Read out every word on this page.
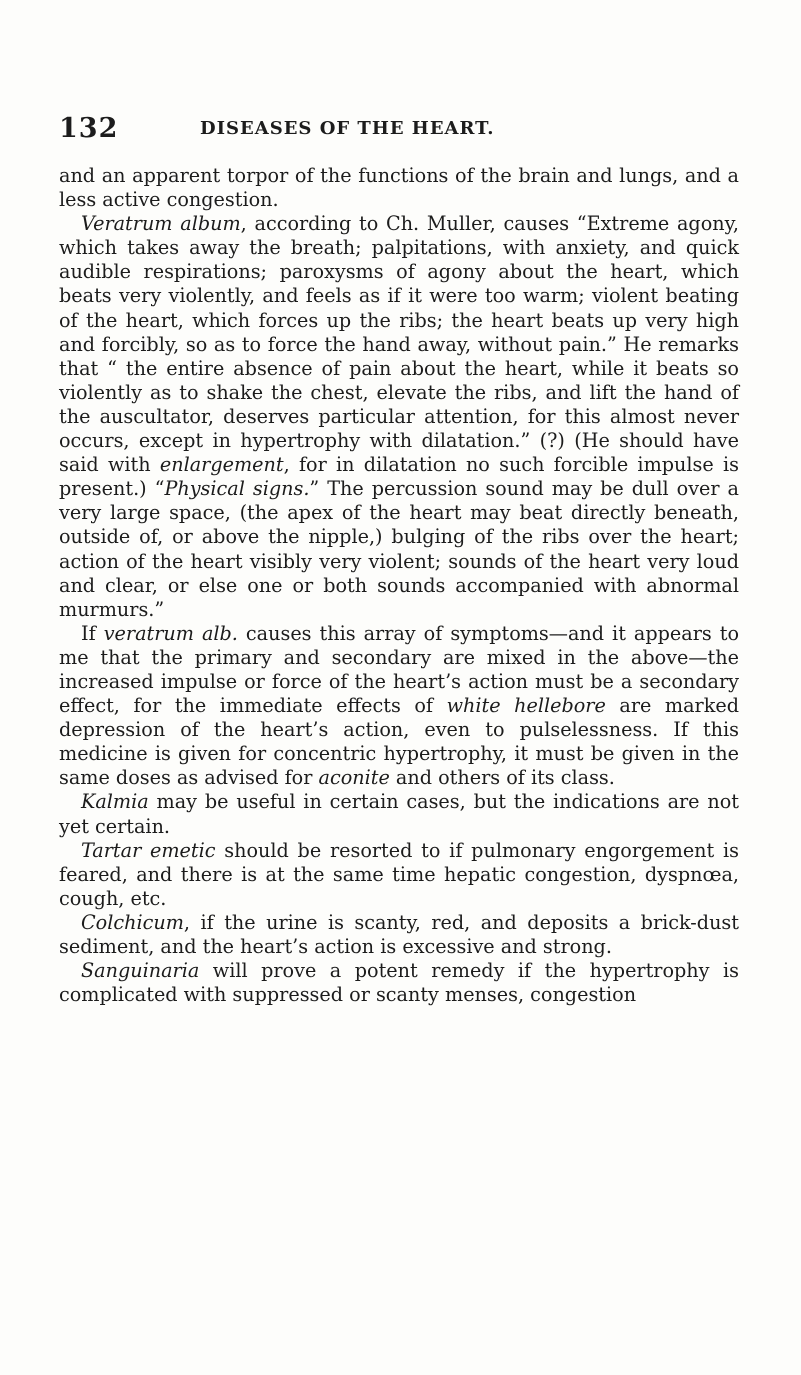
132	DISEASES OF THE HEART.

and an apparent torpor of the functions of the brain and lungs, and a less active congestion.

Veratrum album, according to Ch. Muller, causes “Extreme agony, which takes away the breath; palpitations, with anxiety, and quick audible respirations; paroxysms of agony about the heart, which beats very violently, and feels as if it were too warm; violent beating of the heart, which forces up the ribs; the heart beats up very high and forcibly, so as to force the hand away, without pain.” He remarks that “ the entire absence of pain about the heart, while it beats so violently as to shake the chest, elevate the ribs, and lift the hand of the auscultator, deserves particular attention, for this almost never occurs, except in hypertrophy with dilatation.” (?) (He should have said with enlargement, for in dilatation no such forcible impulse is present.) “Physical signs.” The percussion sound may be dull over a very large space, (the apex of the heart may beat directly beneath, outside of, or above the nipple,) bulging of the ribs over the heart; action of the heart visibly very violent; sounds of the heart very loud and clear, or else one or both sounds accompanied with abnormal murmurs.”

If veratrum alb. causes this array of symptoms—and it appears to me that the primary and secondary are mixed in the above—the increased impulse or force of the heart’s action must be a secondary effect, for the immediate effects of white hellebore are marked depression of the heart’s action, even to pulselessness. If this medicine is given for concentric hypertrophy, it must be given in the same doses as advised for aconite and others of its class.

Kalmia may be useful in certain cases, but the indications are not yet certain.

Tartar emetic should be resorted to if pulmonary engorgement is feared, and there is at the same time hepatic congestion, dyspnœa, cough, etc.

Colchicum, if the urine is scanty, red, and deposits a brick-dust sediment, and the heart’s action is excessive and strong.

Sanguinaria will prove a potent remedy if the hypertrophy is complicated with suppressed or scanty menses, congestion
